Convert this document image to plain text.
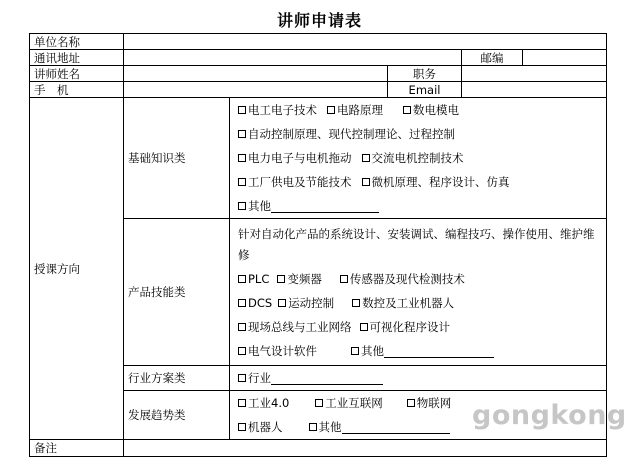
讲师申请表
单位名称					
通讯地址				邮编	
讲师姓名			职务		
手　机			Email		
授课方向	基础知识类	电工电子技术 电路原理 数电模电
自动控制原理、现代控制理论、过程控制
电力电子与电机拖动 交流电机控制技术
工厂供电及节能技术 微机原理、程序设计、仿真
其他			

	产品技能类	针对自动化产品的系统设计、安装调试、编程技巧、操作使用、维护维修
PLC 变频器 传感器及现代检测技术
DCS 运动控制 数控及工业机器人
现场总线与工业网络 可视化程序设计
电气设计软件 其他			

	行业方案类	行业			

	发展趋势类	工业4.0 工业互联网 物联网
机器人 其他			

备注					
gongkong
